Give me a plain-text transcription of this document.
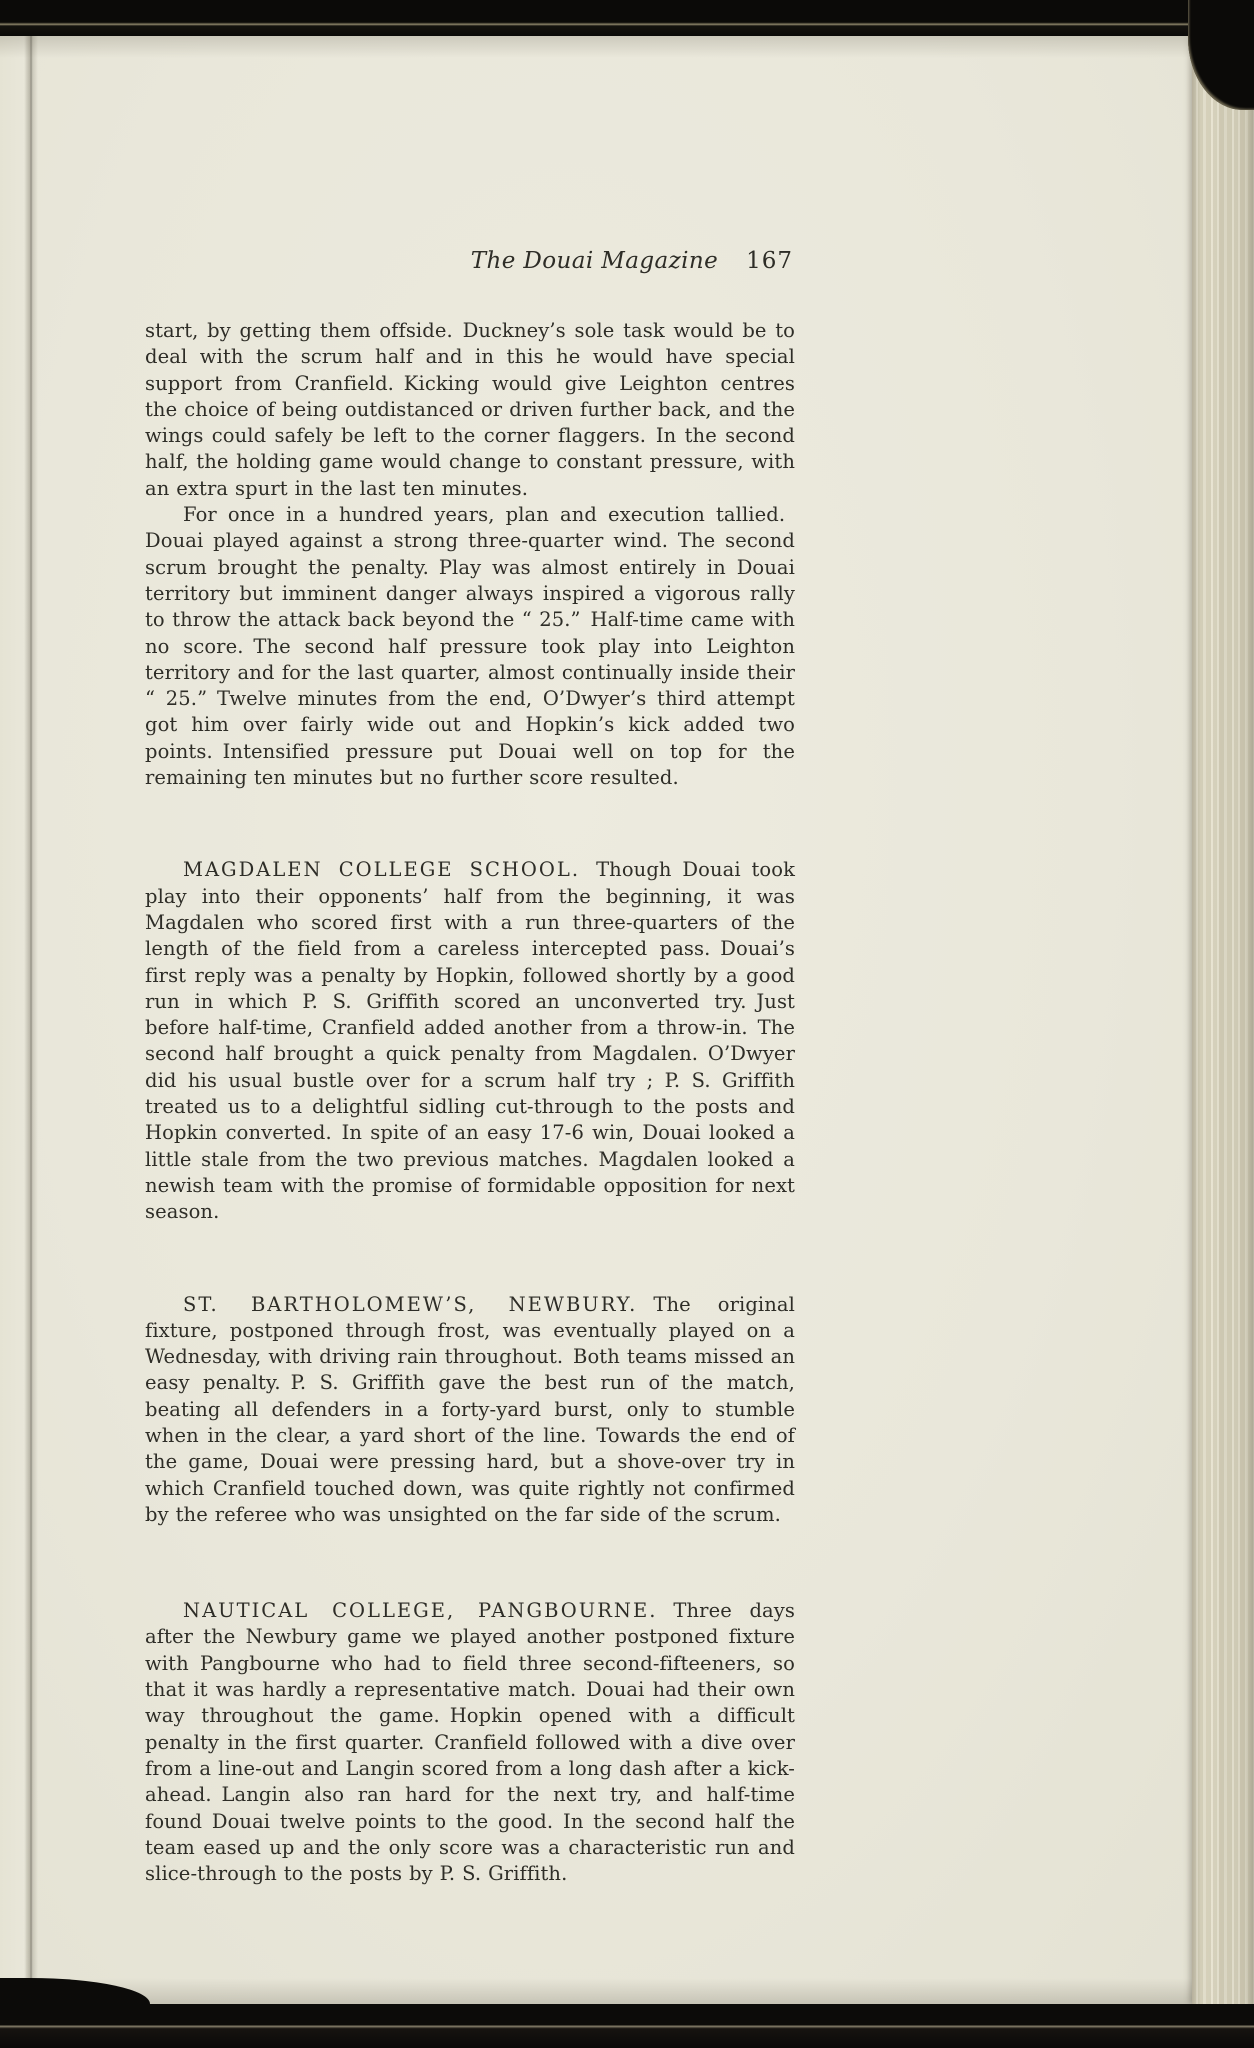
The Douai Magazine 167

start, by getting them offside. Duckney’s sole task would be to deal with the scrum half and in this he would have special support from Cranfield. Kicking would give Leighton centres the choice of being outdistanced or driven further back, and the wings could safely be left to the corner flaggers. In the second half, the holding game would change to constant pressure, with an extra spurt in the last ten minutes.

For once in a hundred years, plan and execution tallied. Douai played against a strong three-quarter wind. The second scrum brought the penalty. Play was almost entirely in Douai territory but imminent danger always inspired a vigorous rally to throw the attack back beyond the “ 25.” Half-time came with no score. The second half pressure took play into Leighton territory and for the last quarter, almost continually inside their “ 25.” Twelve minutes from the end, O’Dwyer’s third attempt got him over fairly wide out and Hopkin’s kick added two points. Intensified pressure put Douai well on top for the remaining ten minutes but no further score resulted.

MAGDALEN COLLEGE SCHOOL. Though Douai took play into their opponents’ half from the beginning, it was Magdalen who scored first with a run three-quarters of the length of the field from a careless intercepted pass. Douai’s first reply was a penalty by Hopkin, followed shortly by a good run in which P. S. Griffith scored an unconverted try. Just before half-time, Cranfield added another from a throw-in. The second half brought a quick penalty from Magdalen. O’Dwyer did his usual bustle over for a scrum half try ; P. S. Griffith treated us to a delightful sidling cut-through to the posts and Hopkin converted. In spite of an easy 17-6 win, Douai looked a little stale from the two previous matches. Magdalen looked a newish team with the promise of formidable opposition for next season.

ST. BARTHOLOMEW’S, NEWBURY. The original fixture, postponed through frost, was eventually played on a Wednesday, with driving rain throughout. Both teams missed an easy penalty. P. S. Griffith gave the best run of the match, beating all defenders in a forty-yard burst, only to stumble when in the clear, a yard short of the line. Towards the end of the game, Douai were pressing hard, but a shove-over try in which Cranfield touched down, was quite rightly not confirmed by the referee who was unsighted on the far side of the scrum.

NAUTICAL COLLEGE, PANGBOURNE. Three days after the Newbury game we played another postponed fixture with Pangbourne who had to field three second-fifteeners, so that it was hardly a representative match. Douai had their own way throughout the game. Hopkin opened with a difficult penalty in the first quarter. Cranfield followed with a dive over from a line-out and Langin scored from a long dash after a kick-ahead. Langin also ran hard for the next try, and half-time found Douai twelve points to the good. In the second half the team eased up and the only score was a characteristic run and slice-through to the posts by P. S. Griffith.
